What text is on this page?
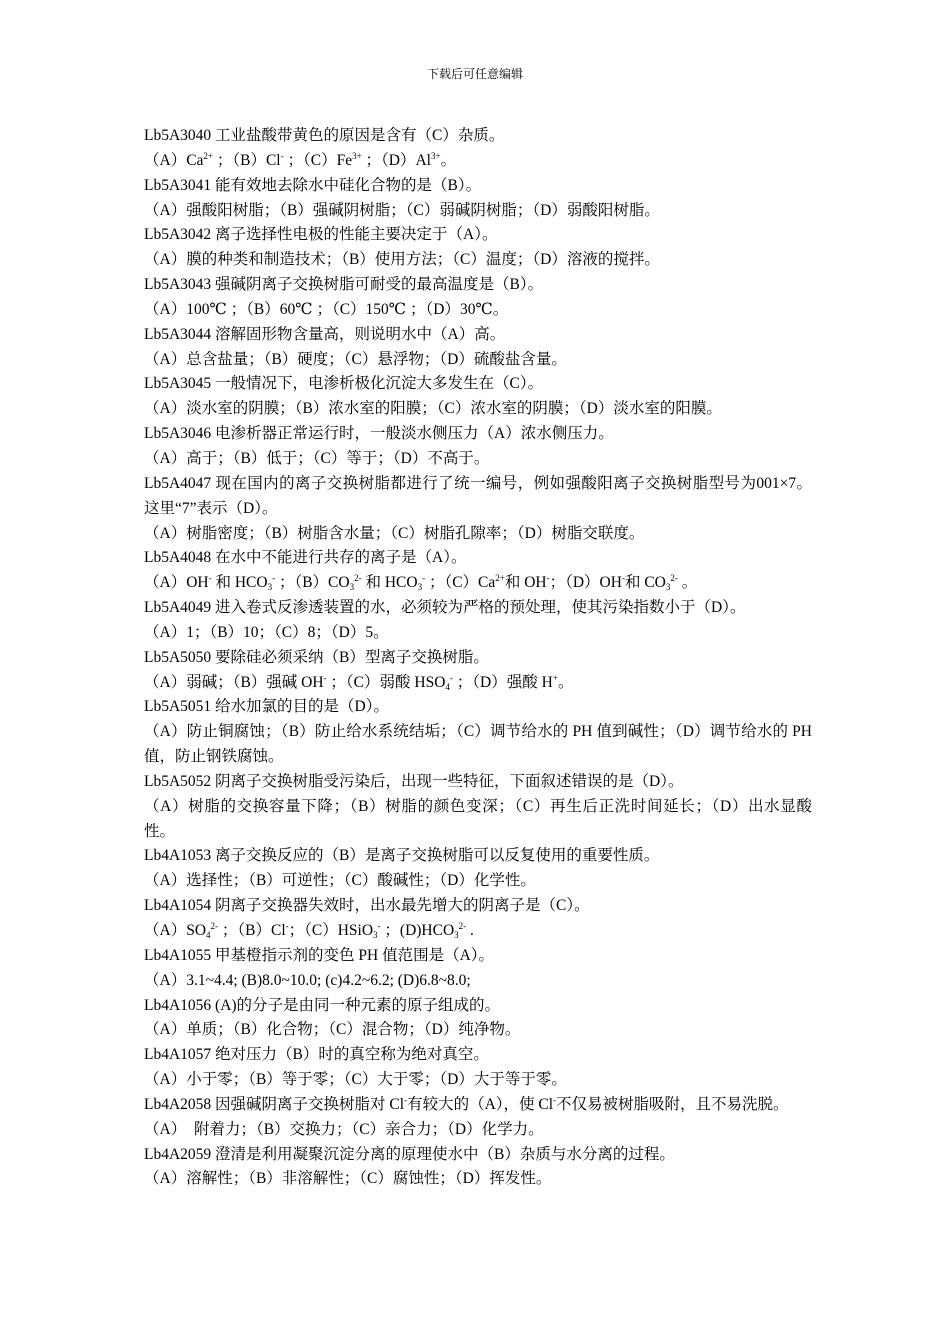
下载后可任意编辑
Lb5A3040 工业盐酸带黄色的原因是含有（C）杂质。
$(A)Ca^{2+}$ ；（B）Cl- ；$(C)Fe^{3+}$ ；$(D)Al^{3+}$。
Lb5A3041 能有效地去除水中硅化合物的是（B）。
（A）强酸阳树脂；（B）强碱阴树脂；（C）弱碱阴树脂；（D）弱酸阳树脂。
Lb5A3042 离子选择性电极的性能主要决定于（A）。
（A）膜的种类和制造技术；（B）使用方法；（C）温度；（D）溶液的搅拌。
Lb5A3043 强碱阴离子交换树脂可耐受的最高温度是（B）。
（A）100℃ ；（B）60℃ ；（C）150℃ ；（D）30℃。
Lb5A3044 溶解固形物含量高，则说明水中（A）高。
（A）总含盐量；（B）硬度；（C）悬浮物；（D）硫酸盐含量。
Lb5A3045 一般情况下，电渗析极化沉淀大多发生在（C）。
（A）淡水室的阴膜；（B）浓水室的阳膜；（C）浓水室的阴膜；（D）淡水室的阳膜。
Lb5A3046 电渗析器正常运行时，一般淡水侧压力（A）浓水侧压力。
（A）高于；（B）低于；（C）等于；（D）不高于。
Lb5A4047 现在国内的离子交换树脂都进行了统一编号，例如强酸阳离子交换树脂型号为001×7。这里“7”表示（D）。
（A）树脂密度；（B）树脂含水量；（C）树脂孔隙率；（D）树脂交联度。
Lb5A4048 在水中不能进行共存的离子是（A）。
（A）OH- 和 $HCO_3^-$ ；$(B)CO_3^{2-}$ 和 $HCO_3^-$ ；$(C)Ca^{2+}$和 OH-；（D）OH-和 $CO_3^{2-}$ 。
Lb5A4049 进入卷式反渗透装置的水，必须较为严格的预处理，使其污染指数小于（D）。
（A）1；（B）10；（C）8；（D）5。
Lb5A5050 要除硅必须采纳（B）型离子交换树脂。
（A）弱碱；（B）强碱 OH- ；（C）弱酸 $HSO_4^-$ ；（D）强酸 H+。
Lb5A5051 给水加氯的目的是（D）。
（A）防止铜腐蚀；（B）防止给水系统结垢；（C）调节给水的 PH 值到碱性；（D）调节给水的 PH 值，防止钢铁腐蚀。
Lb5A5052 阴离子交换树脂受污染后，出现一些特征，下面叙述错误的是（D）。
（A）树脂的交换容量下降；（B）树脂的颜色变深；（C）再生后正洗时间延长；（D）出水显酸性。
Lb4A1053 离子交换反应的（B）是离子交换树脂可以反复使用的重要性质。
（A）选择性；（B）可逆性；（C）酸碱性；（D）化学性。
Lb4A1054 阴离子交换器失效时，出水最先增大的阴离子是（C）。
$(A)SO_4^{2-}$ ；（B）Cl-；（C）HSiO$_3$- ；$(D)HCO_3^{2-}$ .
Lb4A1055 甲基橙指示剂的变色 PH 值范围是（A）。
（A）3.1~4.4; (B)8.0~10.0; (c)4.2~6.2; (D)6.8~8.0;
Lb4A1056 (A)的分子是由同一种元素的原子组成的。
（A）单质；（B）化合物；（C）混合物；（D）纯净物。
Lb4A1057 绝对压力（B）时的真空称为绝对真空。
（A）小于零；（B）等于零；（C）大于零；（D）大于等于零。
Lb4A2058 因强碱阴离子交换树脂对 Cl-有较大的（A），使 Cl-不仅易被树脂吸附，且不易洗脱。
（A）　附着力；（B）交换力；（C）亲合力；（D）化学力。
Lb4A2059 澄清是利用凝聚沉淀分离的原理使水中（B）杂质与水分离的过程。
（A）溶解性；（B）非溶解性；（C）腐蚀性；（D）挥发性。
